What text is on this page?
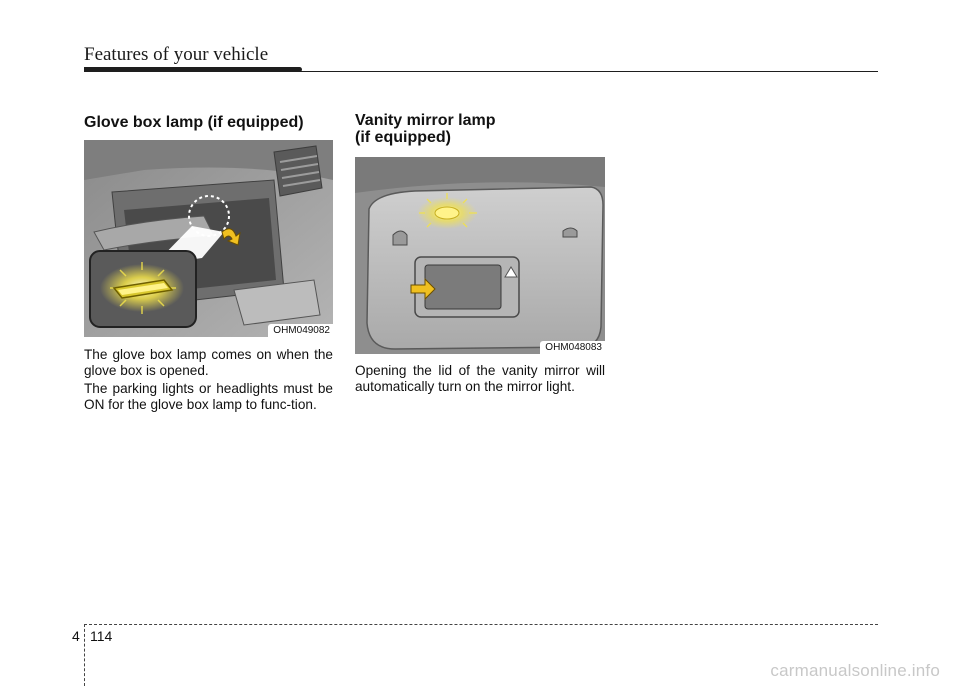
Features of your vehicle
Glove box lamp (if equipped)
OHM049082
The glove box lamp comes on when the glove box is opened.
The parking lights or headlights must be ON for the glove box lamp to func-tion.
Vanity mirror lamp
(if equipped)
OHM048083
Opening the lid of the vanity mirror will automatically turn on the mirror light.
4 114
carmanualsonline.info
